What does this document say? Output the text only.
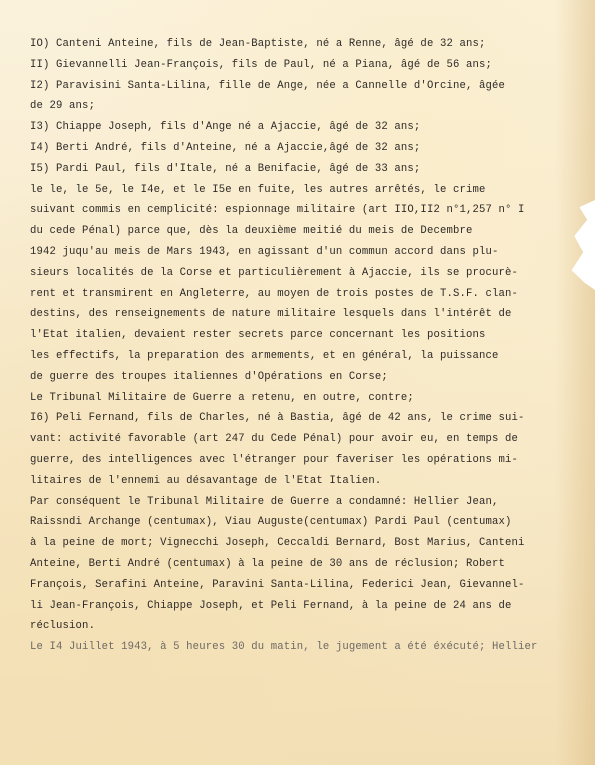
IO) Canteni Anteine, fils de Jean-Baptiste, né a Renne, âgé de 32 ans;
II) Gievannelli Jean-François, fils de Paul, né a Piana, âgé de 56 ans;
I2) Paravisini Santa-Lilina, fille de Ange, née a Cannelle d'Orcine, âgée
de 29 ans;
I3) Chiappe Joseph, fils d'Ange né a Ajaccie, âgé de 32 ans;
I4) Berti André, fils d'Anteine, né a Ajaccie,âgé de 32 ans;
I5) Pardi Paul, fils d'Itale, né a Benifacie, âgé de 33 ans;
le le, le 5e, le I4e, et le I5e en fuite, les autres arrêtés, le crime
suivant commis en cemplicité: espionnage militaire (art IIO,II2 n°1,257 n° I
du cede Pénal) parce que, dès la deuxième meitié du meis de Decembre
1942 juqu'au meis de Mars 1943, en agissant d'un commun accord dans plu-
sieurs localités de la Corse et particulièrement à Ajaccie, ils se procurè-
rent et transmirent en Angleterre, au moyen de trois postes de T.S.F. clan-
destins, des renseignements de nature militaire lesquels dans l'intérêt de
l'Etat italien, devaient rester secrets parce concernant les positions
les effectifs, la preparation des armements, et en général, la puissance
de guerre des troupes italiennes d'Opérations en Corse;
Le Tribunal Militaire de Guerre a retenu, en outre, contre;
I6) Peli Fernand, fils de Charles, né à Bastia, âgé de 42 ans, le crime sui-
vant: activité favorable (art 247 du Cede Pénal) pour avoir eu, en temps de
guerre, des intelligences avec l'étranger pour faveriser les opérations mi-
litaires de l'ennemi au désavantage de l'Etat Italien.
Par conséquent le Tribunal Militaire de Guerre a condamné: Hellier Jean,
Raissndi Archange (centumax), Viau Auguste(centumax) Pardi Paul (centumax)
à la peine de mort; Vignecchi Joseph, Ceccaldi Bernard, Bost Marius, Canteni
Anteine, Berti André (centumax) à la peine de 30 ans de réclusion; Robert
François, Serafini Anteine, Paravini Santa-Lilina, Federici Jean, Gievannel-
li Jean-François, Chiappe Joseph, et Peli Fernand, à la peine de 24 ans de
réclusion.
Le I4 Juillet 1943, à 5 heures 30 du matin, le jugement a été éxécuté; Hellier
